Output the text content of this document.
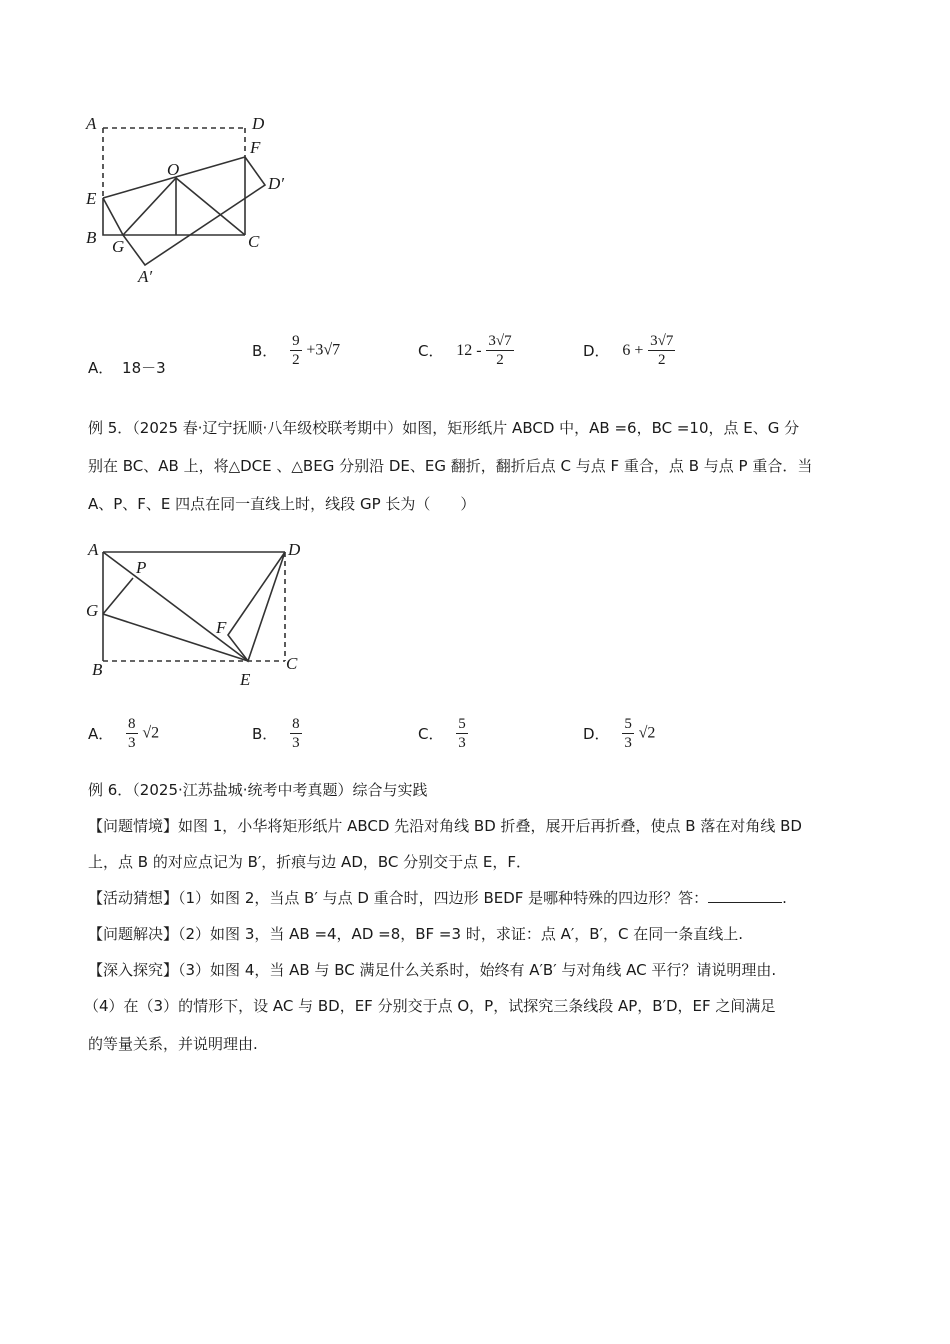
A	D
O
F
D′
E
B G	C
A′
A． 18－3
B． $\frac{9}{2} +3√7$	C． $12 - \frac{3√7}{2}$	D． $6 + \frac{3√7}{2}$
例 5．（2025 春·辽宁抚顺·八年级校联考期中）如图，矩形纸片 ABCD 中，AB =6，BC =10，点 E、G 分
别在 BC、AB 上，将△DCE 、△BEG 分别沿 DE、EG 翻折，翻折后点 C 与点 F 重合，点 B 与点 P 重合．当
A、P、F、E 四点在同一直线上时，线段 GP 长为（　　）
A	D
P
G
F
B
E
C
A． $\frac{8}{3} √2$	B． $\frac{8}{3}$	C． $\frac{5}{3}$	D． $\frac{5}{3} √2$
例 6．（2025·江苏盐城·统考中考真题）综合与实践
【问题情境】如图 1，小华将矩形纸片 ABCD 先沿对角线 BD 折叠，展开后再折叠，使点 B 落在对角线 BD
上，点 B 的对应点记为 B′，折痕与边 AD，BC 分别交于点 E，F．
【活动猜想】（1）如图 2，当点 B′ 与点 D 重合时，四边形 BEDF 是哪种特殊的四边形？答：	.
【问题解决】（2）如图 3，当 AB =4，AD =8，BF =3 时，求证：点 A′，B′，C 在同一条直线上.
【深入探究】（3）如图 4，当 AB 与 BC 满足什么关系时，始终有 A′B′ 与对角线 AC 平行？请说明理由.
（4）在（3）的情形下，设 AC 与 BD，EF 分别交于点 O，P，试探究三条线段 AP，B′D，EF 之间满足
的等量关系，并说明理由.
